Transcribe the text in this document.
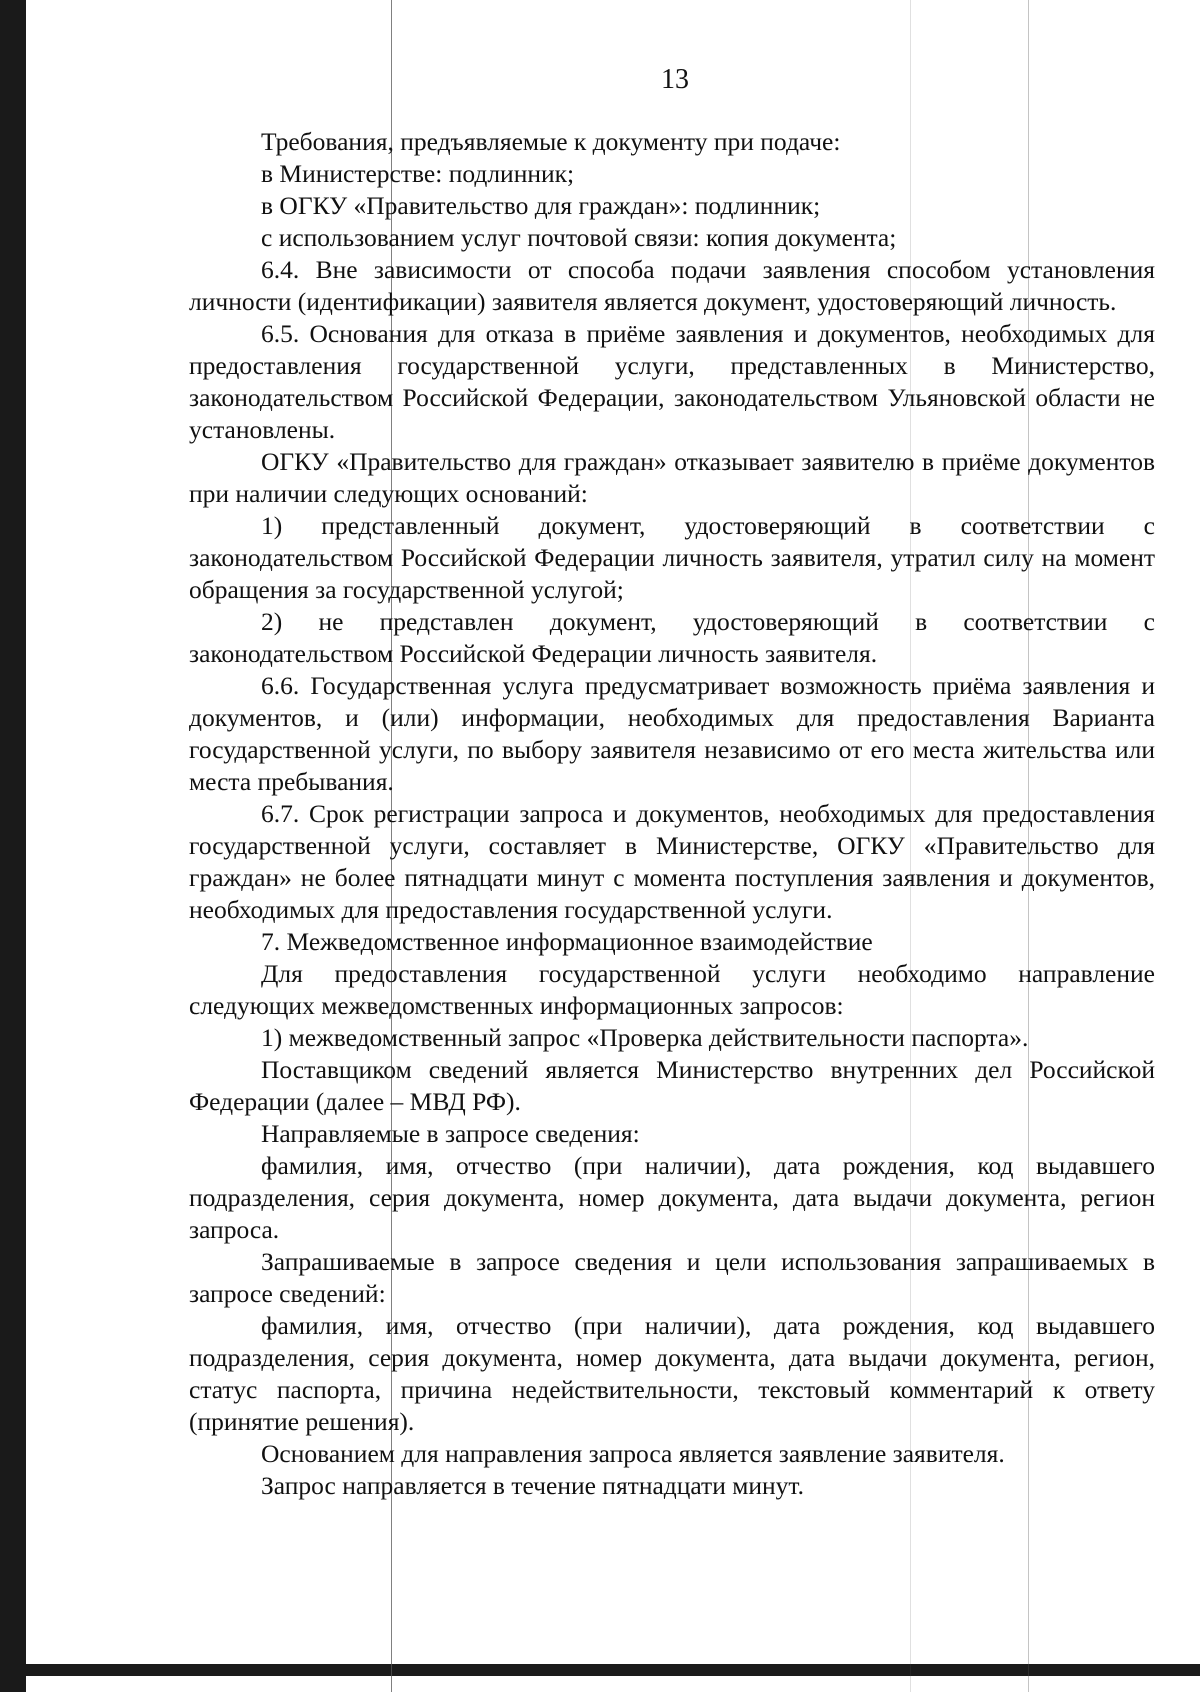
13

Требования, предъявляемые к документу при подаче:

в Министерстве: подлинник;

в ОГКУ «Правительство для граждан»: подлинник;

с использованием услуг почтовой связи: копия документа;

6.4. Вне зависимости от способа подачи заявления способом установления личности (идентификации) заявителя является документ, удостоверяющий личность.

6.5. Основания для отказа в приёме заявления и документов, необходимых для предоставления государственной услуги, представленных в Министерство, законодательством Российской Федерации, законодательством Ульяновской области не установлены.

ОГКУ «Правительство для граждан» отказывает заявителю в приёме документов при наличии следующих оснований:

1) представленный документ, удостоверяющий в соответствии с законодательством Российской Федерации личность заявителя, утратил силу на момент обращения за государственной услугой;

2) не представлен документ, удостоверяющий в соответствии с законодательством Российской Федерации личность заявителя.

6.6. Государственная услуга предусматривает возможность приёма заявления и документов, и (или) информации, необходимых для предоставления Варианта государственной услуги, по выбору заявителя независимо от его места жительства или места пребывания.

6.7. Срок регистрации запроса и документов, необходимых для предоставления государственной услуги, составляет в Министерстве, ОГКУ «Правительство для граждан» не более пятнадцати минут с момента поступления заявления и документов, необходимых для предоставления государственной услуги.

7. Межведомственное информационное взаимодействие

Для предоставления государственной услуги необходимо направление следующих межведомственных информационных запросов:

1) межведомственный запрос «Проверка действительности паспорта».

Поставщиком сведений является Министерство внутренних дел Российской Федерации (далее – МВД РФ).

Направляемые в запросе сведения:

фамилия, имя, отчество (при наличии), дата рождения, код выдавшего подразделения, серия документа, номер документа, дата выдачи документа, регион запроса.

Запрашиваемые в запросе сведения и цели использования запрашиваемых в запросе сведений:

фамилия, имя, отчество (при наличии), дата рождения, код выдавшего подразделения, серия документа, номер документа, дата выдачи документа, регион, статус паспорта, причина недействительности, текстовый комментарий к ответу (принятие решения).

Основанием для направления запроса является заявление заявителя.

Запрос направляется в течение пятнадцати минут.
